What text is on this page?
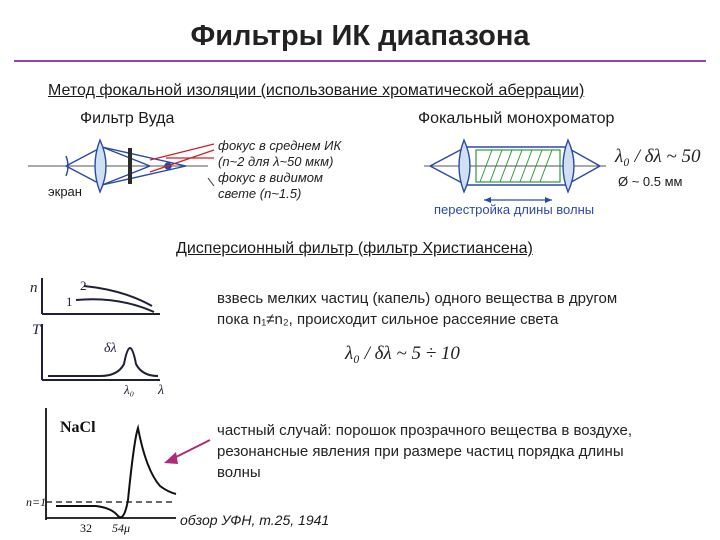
Фильтры ИК диапазона
Метод фокальной изоляции (использование хроматической аберрации)
Фильтр Вуда
экран
фокус в среднем ИК
(n~2 для λ~50 мкм)
фокус в видимом
свете (n~1.5)
Фокальный монохроматор
λ₀ / δλ ~ 50
Ø ~ 0.5 мм
перестройка длины волны
Дисперсионный фильтр (фильтр Христиансена)
взвесь мелких частиц (капель) одного вещества в другом
пока n₁≠n₂, происходит сильное рассеяние света
λ₀ / δλ ~ 5 ÷ 10
частный случай: порошок прозрачного вещества в воздухе,
резонансные явления при размере частиц порядка длины
волны
обзор УФН, т.25, 1941
n	2
1
T
δλ
λ₀ λ
NaCl
n=1
32 54μ
